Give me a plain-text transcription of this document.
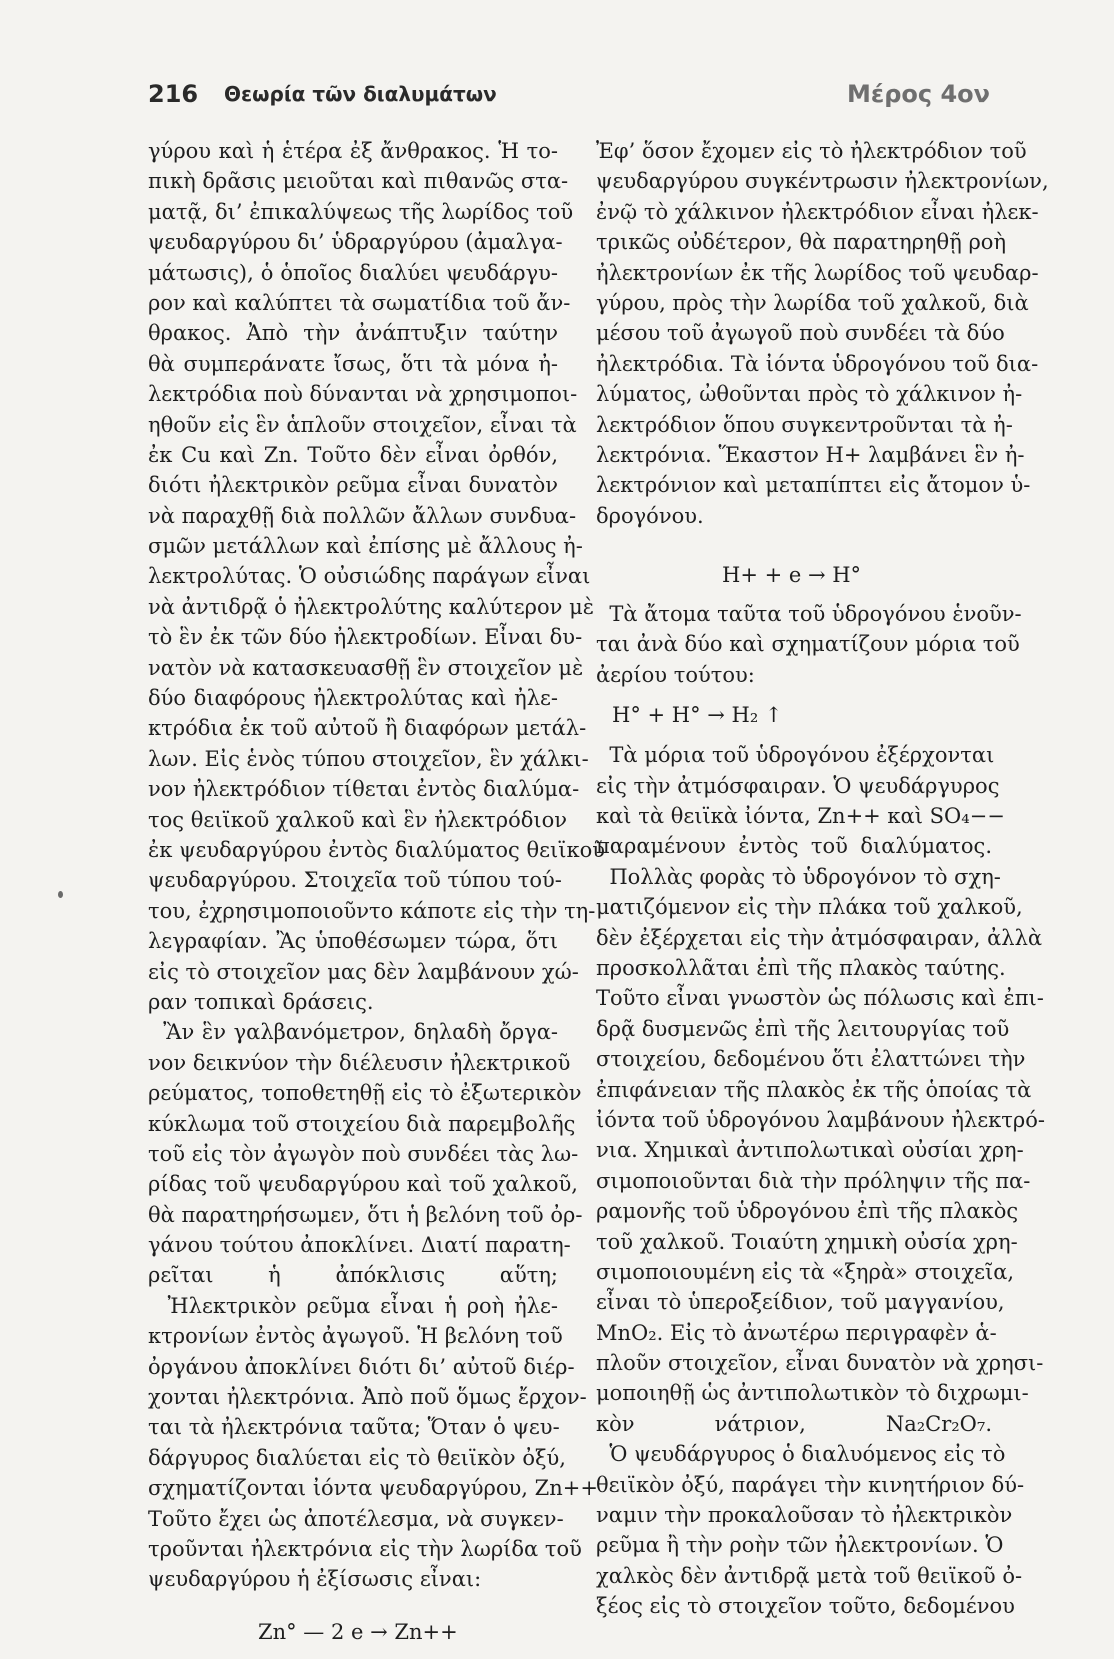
216 Θεωρία τῶν διαλυμάτων	Μέρος 4ον
γύρου καὶ ἡ ἑτέρα ἐξ ἄνθρακος. Ἡ το-
πικὴ δρᾶσις μειοῦται καὶ πιθανῶς στα-
ματᾷ, δι’ ἐπικαλύψεως τῆς λωρίδος τοῦ
ψευδαργύρου δι’ ὑδραργύρου (ἀμαλγα-
μάτωσις), ὁ ὁποῖος διαλύει ψευδάργυ-
ρον καὶ καλύπτει τὰ σωματίδια τοῦ ἄν-
θρακος. Ἀπὸ τὴν ἀνάπτυξιν ταύτην
θὰ συμπεράνατε ἴσως, ὅτι τὰ μόνα ἠ-
λεκτρόδια ποὺ δύνανται νὰ χρησιμοποι-
ηθοῦν εἰς ἓν ἁπλοῦν στοιχεῖον, εἶναι τὰ
ἐκ Cu καὶ Zn. Τοῦτο δὲν εἶναι ὀρθόν,
διότι ἠλεκτρικὸν ρεῦμα εἶναι δυνατὸν
νὰ παραχθῇ διὰ πολλῶν ἄλλων συνδυα-
σμῶν μετάλλων καὶ ἐπίσης μὲ ἄλλους ἠ-
λεκτρολύτας. Ὁ οὐσιώδης παράγων εἶναι
νὰ ἀντιδρᾷ ὁ ἠλεκτρολύτης καλύτερον μὲ
τὸ ἓν ἐκ τῶν δύο ἠλεκτροδίων. Εἶναι δυ-
νατὸν νὰ κατασκευασθῇ ἓν στοιχεῖον μὲ
δύο διαφόρους ἠλεκτρολύτας καὶ ἠλε-
κτρόδια ἐκ τοῦ αὐτοῦ ἢ διαφόρων μετάλ-
λων. Εἰς ἑνὸς τύπου στοιχεῖον, ἓν χάλκι-
νον ἠλεκτρόδιον τίθεται ἐντὸς διαλύμα-
τος θειϊκοῦ χαλκοῦ καὶ ἓν ἠλεκτρόδιον
ἐκ ψευδαργύρου ἐντὸς διαλύματος θειϊκοῦ
ψευδαργύρου. Στοιχεῖα τοῦ τύπου τού-
του, ἐχρησιμοποιοῦντο κάποτε εἰς τὴν τη-
λεγραφίαν. Ἂς ὑποθέσωμεν τώρα, ὅτι
εἰς τὸ στοιχεῖον μας δὲν λαμβάνουν χώ-
ραν τοπικαὶ δράσεις.
Ἂν ἓν γαλβανόμετρον, δηλαδὴ ὄργα-
νον δεικνύον τὴν διέλευσιν ἠλεκτρικοῦ
ρεύματος, τοποθετηθῇ εἰς τὸ ἐξωτερικὸν
κύκλωμα τοῦ στοιχείου διὰ παρεμβολῆς
τοῦ εἰς τὸν ἀγωγὸν ποὺ συνδέει τὰς λω-
ρίδας τοῦ ψευδαργύρου καὶ τοῦ χαλκοῦ,
θὰ παρατηρήσωμεν, ὅτι ἡ βελόνη τοῦ ὀρ-
γάνου τούτου ἀποκλίνει. Διατί παρατη-
ρεῖται ἡ ἀπόκλισις αὕτη;
Ἠλεκτρικὸν ρεῦμα εἶναι ἡ ροὴ ἠλε-
κτρονίων ἐντὸς ἀγωγοῦ. Ἡ βελόνη τοῦ
ὀργάνου ἀποκλίνει διότι δι’ αὐτοῦ διέρ-
χονται ἠλεκτρόνια. Ἀπὸ ποῦ ὅμως ἔρχον-
ται τὰ ἠλεκτρόνια ταῦτα; Ὅταν ὁ ψευ-
δάργυρος διαλύεται εἰς τὸ θειϊκὸν ὀξύ,
σχηματίζονται ἰόντα ψευδαργύρου, Zn++
Τοῦτο ἔχει ὡς ἀποτέλεσμα, νὰ συγκεν-
τροῦνται ἠλεκτρόνια εἰς τὴν λωρίδα τοῦ
ψευδαργύρου ἡ ἐξίσωσις εἶναι:
Zn° — 2 e → Zn++
Ἐφ’ ὅσον ἔχομεν εἰς τὸ ἠλεκτρόδιον τοῦ
ψευδαργύρου συγκέντρωσιν ἠλεκτρονίων,
ἐνῷ τὸ χάλκινον ἠλεκτρόδιον εἶναι ἠλεκ-
τρικῶς οὐδέτερον, θὰ παρατηρηθῇ ροὴ
ἠλεκτρονίων ἐκ τῆς λωρίδος τοῦ ψευδαρ-
γύρου, πρὸς τὴν λωρίδα τοῦ χαλκοῦ, διὰ
μέσου τοῦ ἀγωγοῦ ποὺ συνδέει τὰ δύο
ἠλεκτρόδια. Τὰ ἰόντα ὑδρογόνου τοῦ δια-
λύματος, ὠθοῦνται πρὸς τὸ χάλκινον ἠ-
λεκτρόδιον ὅπου συγκεντροῦνται τὰ ἠ-
λεκτρόνια. Ἕκαστον H+ λαμβάνει ἓν ἠ-
λεκτρόνιον καὶ μεταπίπτει εἰς ἄτομον ὑ-
δρογόνου.
H+ + e → H°
Τὰ ἄτομα ταῦτα τοῦ ὑδρογόνου ἑνοῦν-
ται ἀνὰ δύο καὶ σχηματίζουν μόρια τοῦ
ἀερίου τούτου:
H° + H° → H₂ ↑
Τὰ μόρια τοῦ ὑδρογόνου ἐξέρχονται
εἰς τὴν ἀτμόσφαιραν. Ὁ ψευδάργυρος
καὶ τὰ θειϊκὰ ἰόντα, Zn++ καὶ SO₄−−
παραμένουν ἐντὸς τοῦ διαλύματος.
Πολλὰς φορὰς τὸ ὑδρογόνον τὸ σχη-
ματιζόμενον εἰς τὴν πλάκα τοῦ χαλκοῦ,
δὲν ἐξέρχεται εἰς τὴν ἀτμόσφαιραν, ἀλλὰ
προσκολλᾶται ἐπὶ τῆς πλακὸς ταύτης.
Τοῦτο εἶναι γνωστὸν ὡς πόλωσις καὶ ἐπι-
δρᾷ δυσμενῶς ἐπὶ τῆς λειτουργίας τοῦ
στοιχείου, δεδομένου ὅτι ἐλαττώνει τὴν
ἐπιφάνειαν τῆς πλακὸς ἐκ τῆς ὁποίας τὰ
ἰόντα τοῦ ὑδρογόνου λαμβάνουν ἠλεκτρό-
νια. Χημικαὶ ἀντιπολωτικαὶ οὐσίαι χρη-
σιμοποιοῦνται διὰ τὴν πρόληψιν τῆς πα-
ραμονῆς τοῦ ὑδρογόνου ἐπὶ τῆς πλακὸς
τοῦ χαλκοῦ. Τοιαύτη χημικὴ οὐσία χρη-
σιμοποιουμένη εἰς τὰ «ξηρὰ» στοιχεῖα,
εἶναι τὸ ὑπεροξείδιον, τοῦ μαγγανίου,
MnO₂. Εἰς τὸ ἀνωτέρω περιγραφὲν ἁ-
πλοῦν στοιχεῖον, εἶναι δυνατὸν νὰ χρησι-
μοποιηθῇ ὡς ἀντιπολωτικὸν τὸ διχρωμι-
κὸν νάτριον, Na₂Cr₂O₇.
Ὁ ψευδάργυρος ὁ διαλυόμενος εἰς τὸ
θειϊκὸν ὀξύ, παράγει τὴν κινητήριον δύ-
ναμιν τὴν προκαλοῦσαν τὸ ἠλεκτρικὸν
ρεῦμα ἢ τὴν ροὴν τῶν ἠλεκτρονίων. Ὁ
χαλκὸς δὲν ἀντιδρᾷ μετὰ τοῦ θειϊκοῦ ὀ-
ξέος εἰς τὸ στοιχεῖον τοῦτο, δεδομένου
